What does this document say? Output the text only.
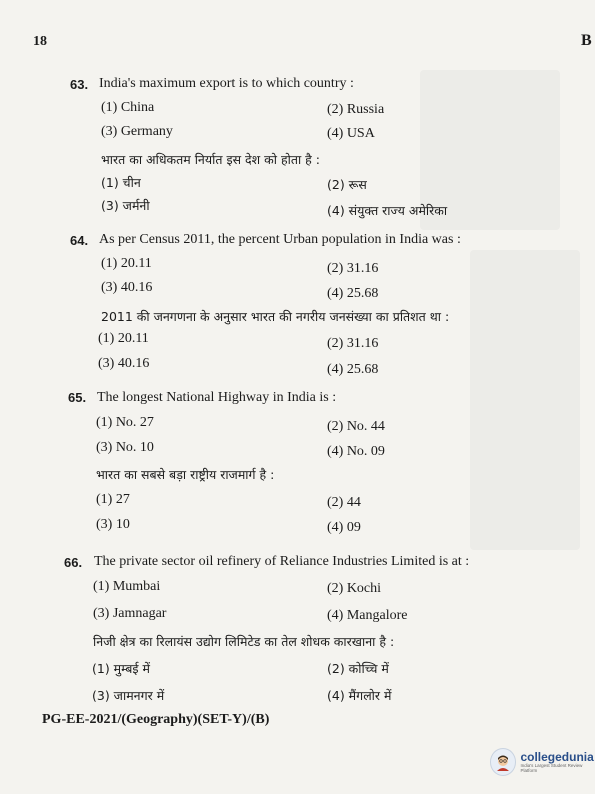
18	B
63. India's maximum export is to which country :
(1) China	(2) Russia
(3) Germany	(4) USA
भारत का अधिकतम निर्यात इस देश को होता है :
(1) चीन	(2) रूस
(3) जर्मनी	(4) संयुक्त राज्य अमेरिका
64. As per Census 2011, the percent Urban population in India was :
(1) 20.11	(2) 31.16
(3) 40.16	(4) 25.68
2011 की जनगणना के अनुसार भारत की नगरीय जनसंख्या का प्रतिशत था :
(1) 20.11	(2) 31.16
(3) 40.16	(4) 25.68
65. The longest National Highway in India is :
(1) No. 27	(2) No. 44
(3) No. 10	(4) No. 09
भारत का सबसे बड़ा राष्ट्रीय राजमार्ग है :
(1) 27	(2) 44
(3) 10	(4) 09
66. The private sector oil refinery of Reliance Industries Limited is at :
(1) Mumbai	(2) Kochi
(3) Jamnagar	(4) Mangalore
निजी क्षेत्र का रिलायंस उद्योग लिमिटेड का तेल शोधक कारखाना है :
(1) मुम्बई में	(2) कोच्चि में
(3) जामनगर में	(4) मैंगलोर में
PG-EE-2021/(Geography)(SET-Y)/(B)
collegedunia
India's Largest Student Review Platform
